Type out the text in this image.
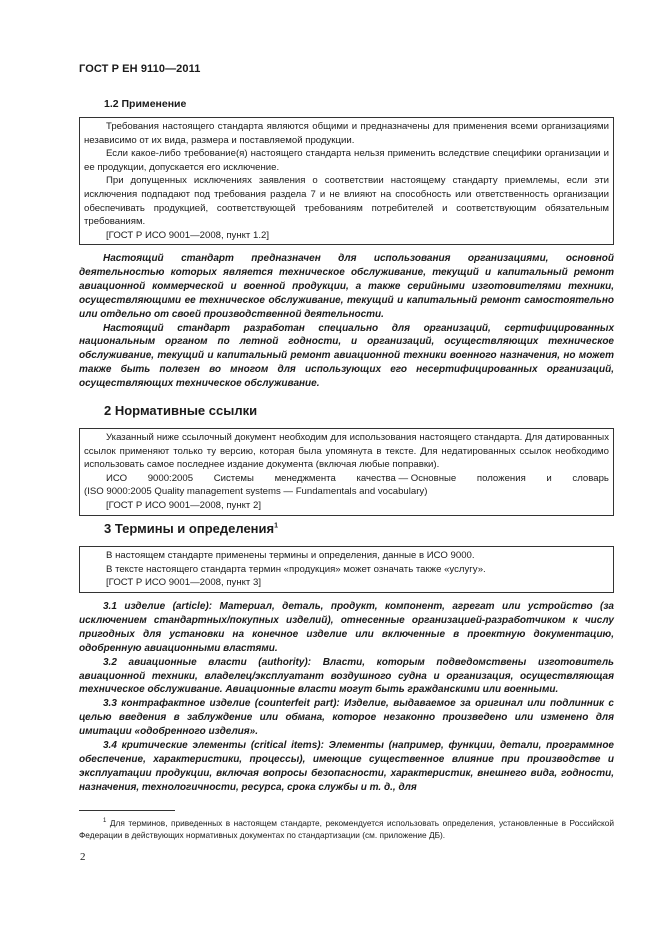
ГОСТ Р ЕН 9110—2011
1.2 Применение

Требования настоящего стандарта являются общими и предназначены для применения всеми организациями независимо от их вида, размера и поставляемой продукции.

Если какое-либо требование(я) настоящего стандарта нельзя применить вследствие специфики организации и ее продукции, допускается его исключение.

При допущенных исключениях заявления о соответствии настоящему стандарту приемлемы, если эти исключения подпадают под требования раздела 7 и не влияют на способность или ответственность организации обеспечивать продукцией, соответствующей требованиям потребителей и соответствующим обязательным требованиям.

[ГОСТ Р ИСО 9001—2008, пункт 1.2]

Настоящий стандарт предназначен для использования организациями, основной деятельностью которых является техническое обслуживание, текущий и капитальный ремонт авиационной коммерческой и военной продукции, а также серийными изготовителями техники, осуществляющими ее техническое обслуживание, текущий и капитальный ремонт самостоятельно или отдельно от своей производственной деятельности.

Настоящий стандарт разработан специально для организаций, сертифицированных национальным органом по летной годности, и организаций, осуществляющих техническое обслуживание, текущий и капитальный ремонт авиационной техники военного назначения, но может также быть полезен во многом для использующих его несертифицированных организаций, осуществляющих техническое обслуживание.

2 Нормативные ссылки

Указанный ниже ссылочный документ необходим для использования настоящего стандарта. Для датированных ссылок применяют только ту версию, которая была упомянута в тексте. Для недатированных ссылок необходимо использовать самое последнее издание документа (включая любые поправки).

ИСО 9000:2005 Системы менеджмента качества — Основные положения и словарь
(ISO 9000:2005 Quality management systems — Fundamentals and vocabulary)

[ГОСТ Р ИСО 9001—2008, пункт 2]

3 Термины и определения$^1$

В настоящем стандарте применены термины и определения, данные в ИСО 9000.

В тексте настоящего стандарта термин «продукция» может означать также «услугу».

[ГОСТ Р ИСО 9001—2008, пункт 3]

3.1 изделие (article): Материал, деталь, продукт, компонент, агрегат или устройство (за исключением стандартных/покупных изделий), отнесенные организацией-разработчиком к числу пригодных для установки на конечное изделие или включенные в проектную документацию, одобренную авиационными властями.

3.2 авиационные власти (authority): Власти, которым подведомствены изготовитель авиационной техники, владелец/эксплуатант воздушного судна и организация, осуществляющая техническое обслуживание. Авиационные власти могут быть гражданскими или военными.

3.3 контрафактное изделие (counterfeit part): Изделие, выдаваемое за оригинал или подлинник с целью введения в заблуждение или обмана, которое незаконно произведено или изменено для имитации «одобренного изделия».

3.4 критические элементы (critical items): Элементы (например, функции, детали, программное обеспечение, характеристики, процессы), имеющие существенное влияние при производстве и эксплуатации продукции, включая вопросы безопасности, характеристик, внешнего вида, годности, назначения, технологичности, ресурса, срока службы и т. д., для

$^1$ Для терминов, приведенных в настоящем стандарте, рекомендуется использовать определения, установленные в Российской Федерации в действующих нормативных документах по стандартизации (см. приложение ДБ).

2
